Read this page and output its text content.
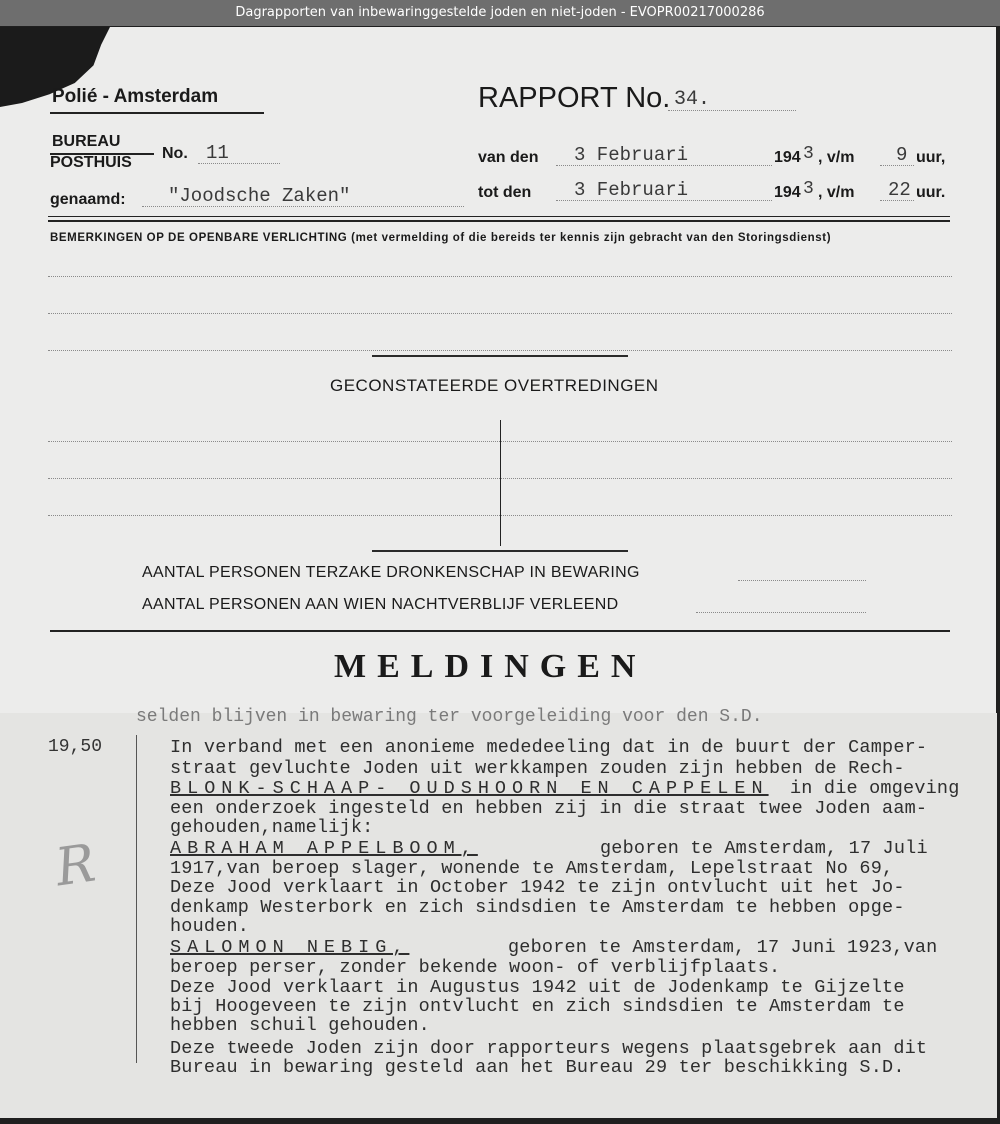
Dagrapporten van inbewaringgestelde joden en niet-joden - EVOPR00217000286
Polié - Amsterdam	RAPPORT No. 34.
BUREAU
POSTHUIS
No. 11
genaamd: "Joodsche Zaken"
van den 3 Februari	194 3 , v/m 9 uur,
tot den 3 Februari	194 3 , v/m 22 uur.
BEMERKINGEN OP DE OPENBARE VERLICHTING (met vermelding of die bereids ter kennis zijn gebracht van den Storingsdienst)
GECONSTATEERDE OVERTREDINGEN
AANTAL PERSONEN TERZAKE DRONKENSCHAP IN BEWARING
AANTAL PERSONEN AAN WIEN NACHTVERBLIJF VERLEEND
MELDINGEN
selden blijven in bewaring ter voorgeleiding voor den S.D.
19,50
R
In verband met een anonieme mededeeling dat in de buurt der Camper-
straat gevluchte Joden uit werkkampen zouden zijn hebben de Rech-
BLONK-SCHAAP- OUDSHOORN EN CAPPELEN in die omgeving
een onderzoek ingesteld en hebben zij in die straat twee Joden aam-
gehouden,namelijk:
ABRAHAM APPELBOOM,	geboren te Amsterdam, 17 Juli
1917,van beroep slager, wonende te Amsterdam, Lepelstraat No 69,
Deze Jood verklaart in October 1942 te zijn ontvlucht uit het Jo-
denkamp Westerbork en zich sindsdien te Amsterdam te hebben opge-
houden.
SALOMON NEBIG,	geboren te Amsterdam, 17 Juni 1923,van
beroep perser, zonder bekende woon- of verblijfplaats.
Deze Jood verklaart in Augustus 1942 uit de Jodenkamp te Gijzelte
bij Hoogeveen te zijn ontvlucht en zich sindsdien te Amsterdam te
hebben schuil gehouden.
Deze tweede Joden zijn door rapporteurs wegens plaatsgebrek aan dit
Bureau in bewaring gesteld aan het Bureau 29 ter beschikking S.D.
